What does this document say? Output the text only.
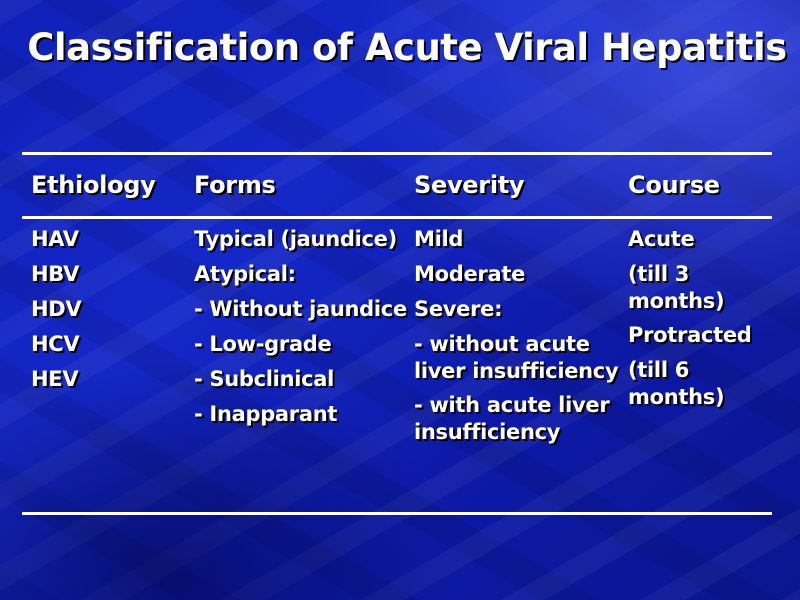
Classification of Acute Viral Hepatitis
Ethiology Forms	Severity	Course
HAV
HBV
HDV
HCV
HEV
Typical (jaundice)
Atypical:
- Without jaundice
- Low-grade
- Subclinical
- Inapparant
Mild
Moderate
Severe:
- without acute liver insufficiency
- with acute liver insufficiency
Acute
(till 3 months)
Protracted
(till 6 months)
